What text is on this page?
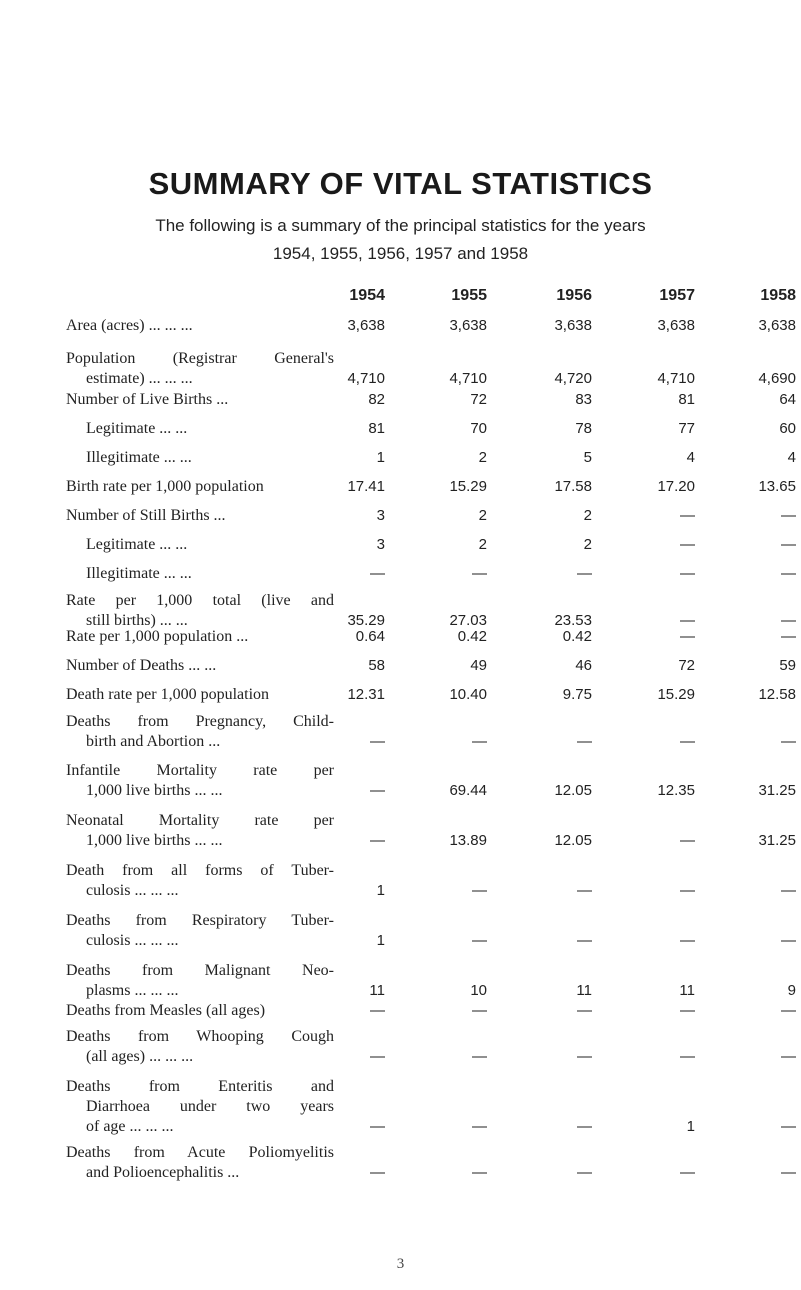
SUMMARY OF VITAL STATISTICS
The following is a summary of the principal statistics for the years
1954, 1955, 1956, 1957 and 1958
1954	1955	1956	1957	1958
Area (acres) ... ... ...	3,638	3,638	3,638	3,638	3,638
Population (Registrar General's
estimate) ... ... ...	4,710	4,710	4,720	4,710	4,690
Number of Live Births ...	82	72	83	81	64
Legitimate ... ...	81	70	78	77	60
Illegitimate ... ...	1	2	5	4	4
Birth rate per 1,000 population	17.41	15.29	17.58	17.20	13.65
Number of Still Births ...	3	2	2	—	—
Legitimate ... ...	3	2	2	—	—
Illegitimate ... ...	—	—	—	—	—
Rate per 1,000 total (live and
still births) ... ...	35.29	27.03	23.53	—	—
Rate per 1,000 population ...	0.64	0.42	0.42	—	—
Number of Deaths ... ...	58	49	46	72	59
Death rate per 1,000 population	12.31	10.40	9.75	15.29	12.58
Deaths from Pregnancy, Child-
birth and Abortion ...	—	—	—	—	—
Infantile Mortality rate per
1,000 live births ... ...	—	69.44	12.05	12.35	31.25
Neonatal Mortality rate per
1,000 live births ... ...	—	13.89	12.05	—	31.25
Death from all forms of Tuber-
culosis ... ... ...	1	—	—	—	—
Deaths from Respiratory Tuber-
culosis ... ... ...	1	—	—	—	—
Deaths from Malignant Neo-
plasms ... ... ...	11	10	11	11	9
Deaths from Measles (all ages)	—	—	—	—	—
Deaths from Whooping Cough
(all ages) ... ... ...	—	—	—	—	—
Deaths from Enteritis and
Diarrhoea under two years
of age ... ... ...	—	—	—	1	—
Deaths from Acute Poliomyelitis
and Polioencephalitis ...	—	—	—	—	—
3
